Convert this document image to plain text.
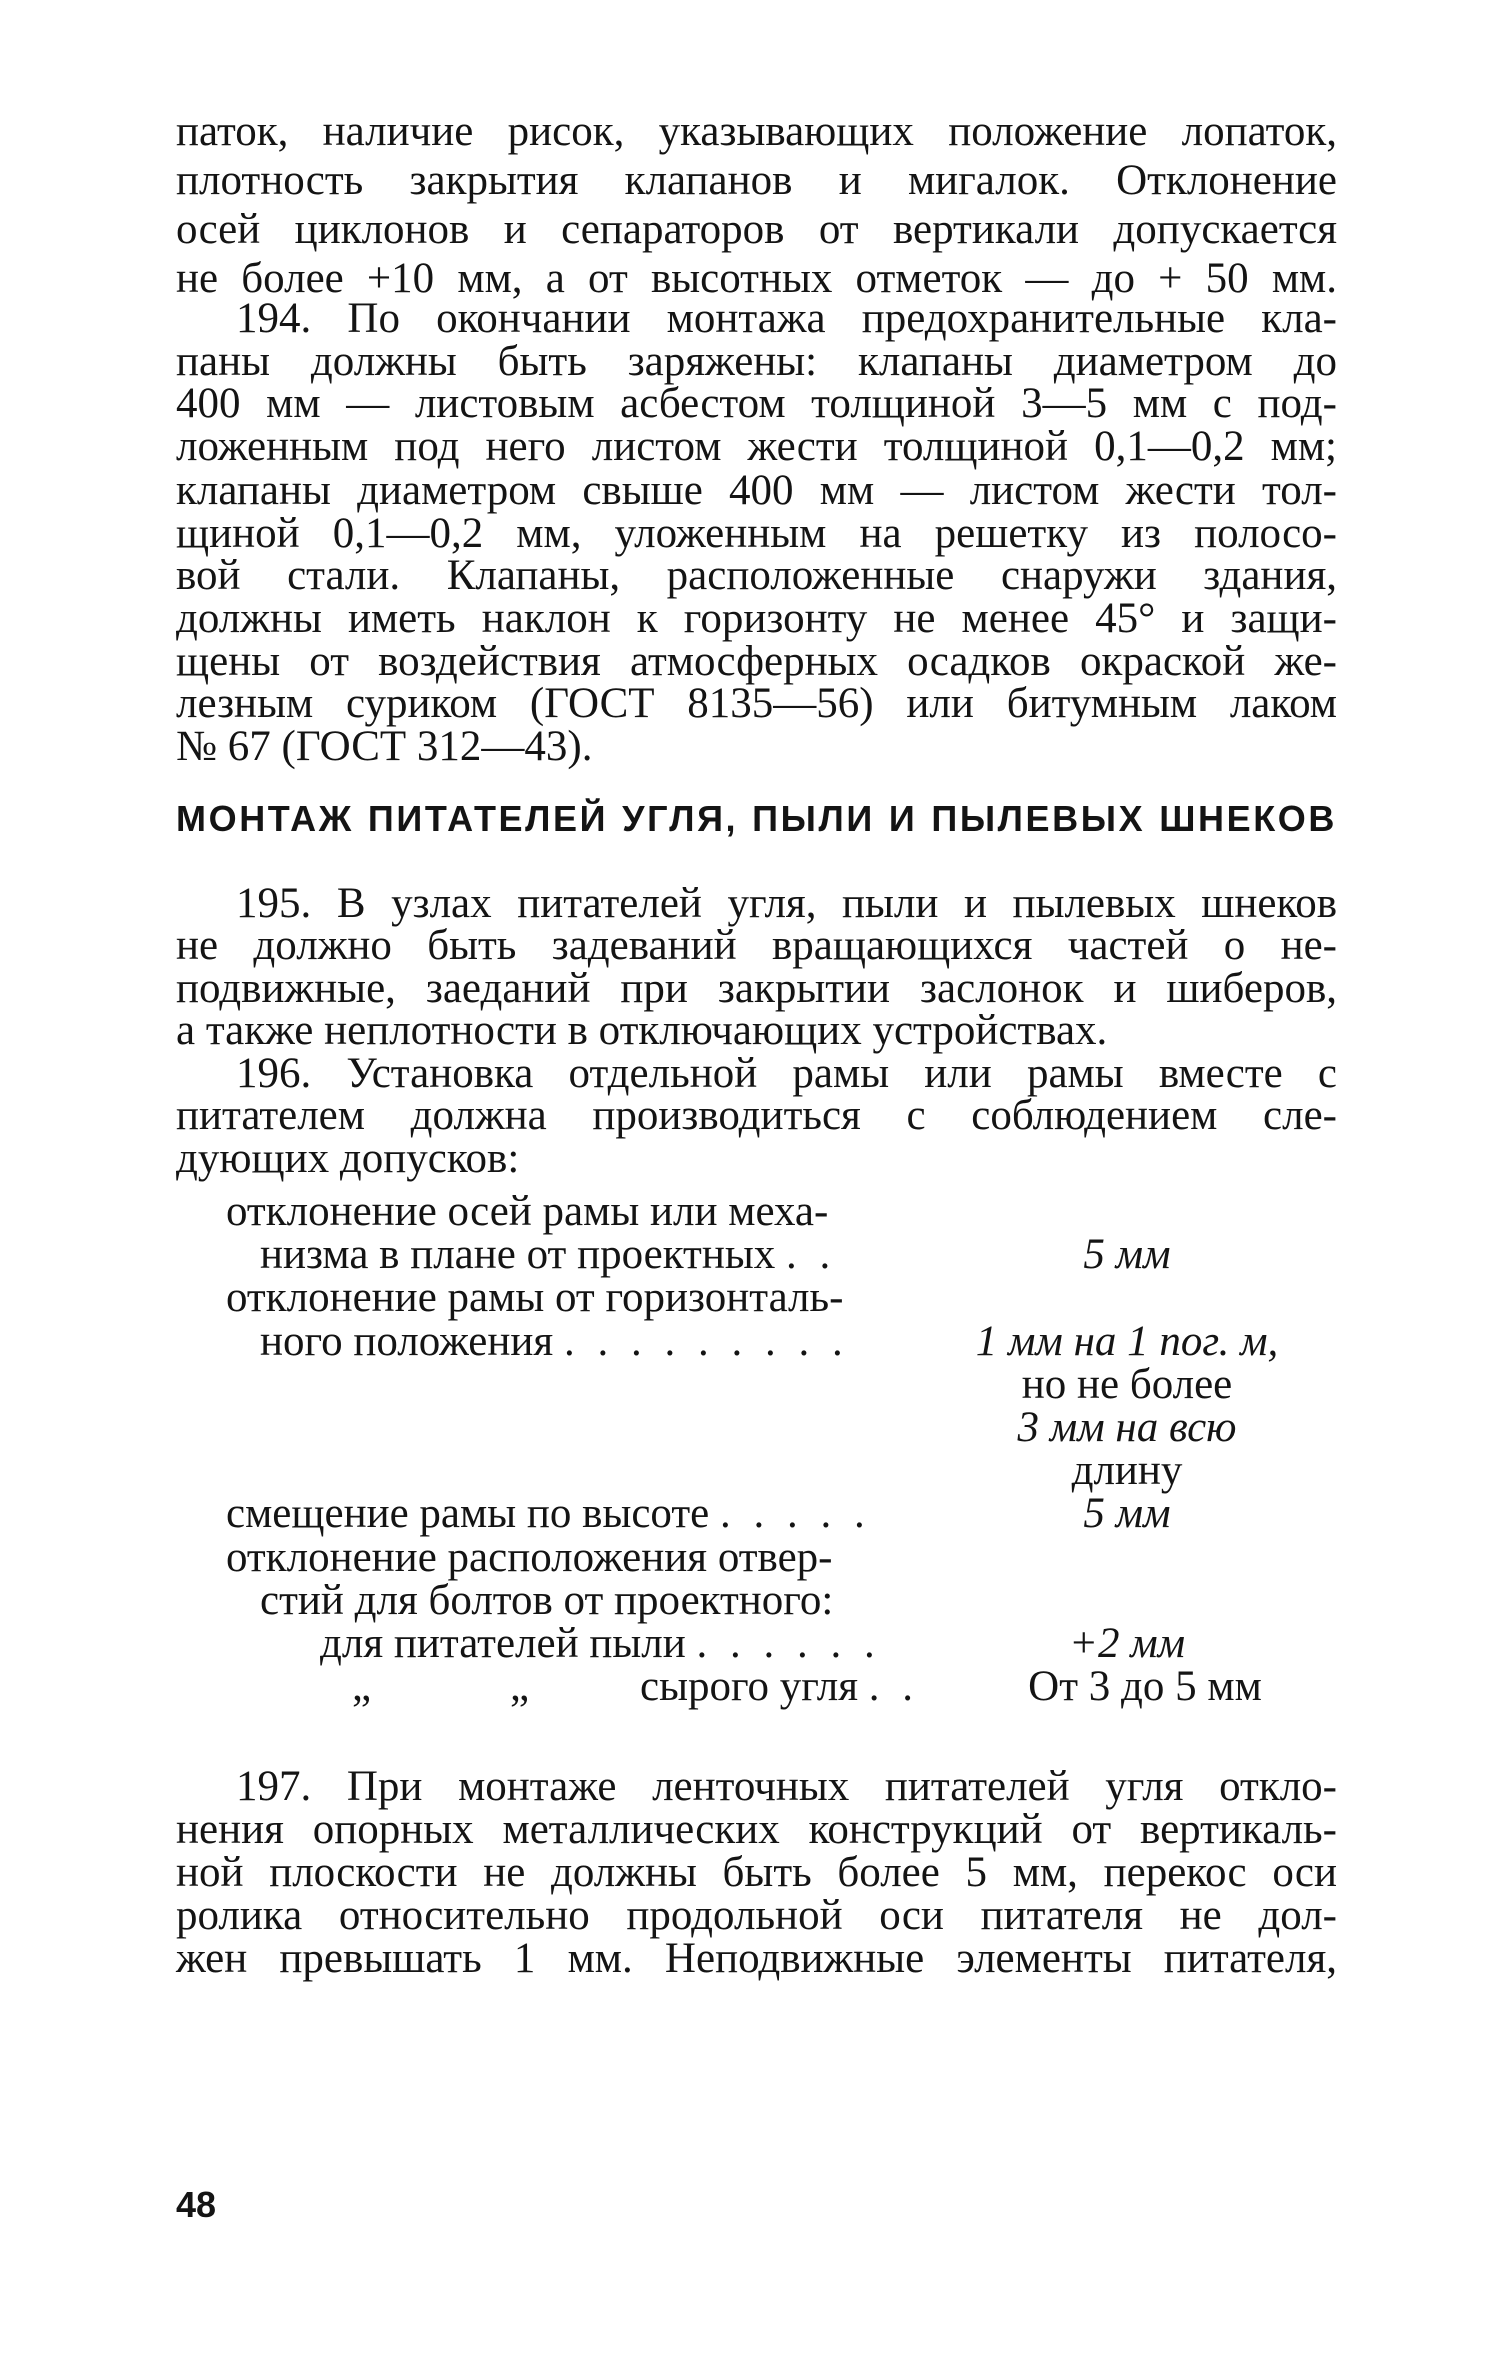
паток, наличие рисок, указывающих положение лопаток,

плотность закрытия клапанов и мигалок. Отклонение

осей циклонов и сепараторов от вертикали допускается

не более +10 мм, а от высотных отметок — до + 50 мм.

194. По окончании монтажа предохранительные кла-

паны должны быть заряжены: клапаны диаметром до

400 мм — листовым асбестом толщиной 3—5 мм с под-

ложенным под него листом жести толщиной 0,1—0,2 мм;

клапаны диаметром свыше 400 мм — листом жести тол-

щиной 0,1—0,2 мм, уложенным на решетку из полосо-

вой стали. Клапаны, расположенные снаружи здания,

должны иметь наклон к горизонту не менее 45° и защи-

щены от воздействия атмосферных осадков окраской же-

лезным суриком (ГОСТ 8135—56) или битумным лаком

№ 67 (ГОСТ 312—43).

МОНТАЖ ПИТАТЕЛЕЙ УГЛЯ, ПЫЛИ И ПЫЛЕВЫХ ШНЕКОВ

195. В узлах питателей угля, пыли и пылевых шнеков

не должно быть задеваний вращающихся частей о не-

подвижные, заеданий при закрытии заслонок и шиберов,

а также неплотности в отключающих устройствах.

196. Установка отдельной рамы или рамы вместе с

питателем должна производиться с соблюдением сле-

дующих допусков:

отклонение осей рамы или меха-

низма в плане от проектных . .	5 мм

отклонение рамы от горизонталь-

ного положения . . . . . . . . .	1 мм на 1 пог. м,

но не более

3 мм на всю

длину

смещение рамы по высоте . . . . .	5 мм

отклонение расположения отвер-

стий для болтов от проектного:

для питателей пыли . . . . . .	+2 мм

„	„	сырого угля . .	От 3 до 5 мм

197. При монтаже ленточных питателей угля откло-

нения опорных металлических конструкций от вертикаль-

ной плоскости не должны быть более 5 мм, перекос оси

ролика относительно продольной оси питателя не дол-

жен превышать 1 мм. Неподвижные элементы питателя,

48
